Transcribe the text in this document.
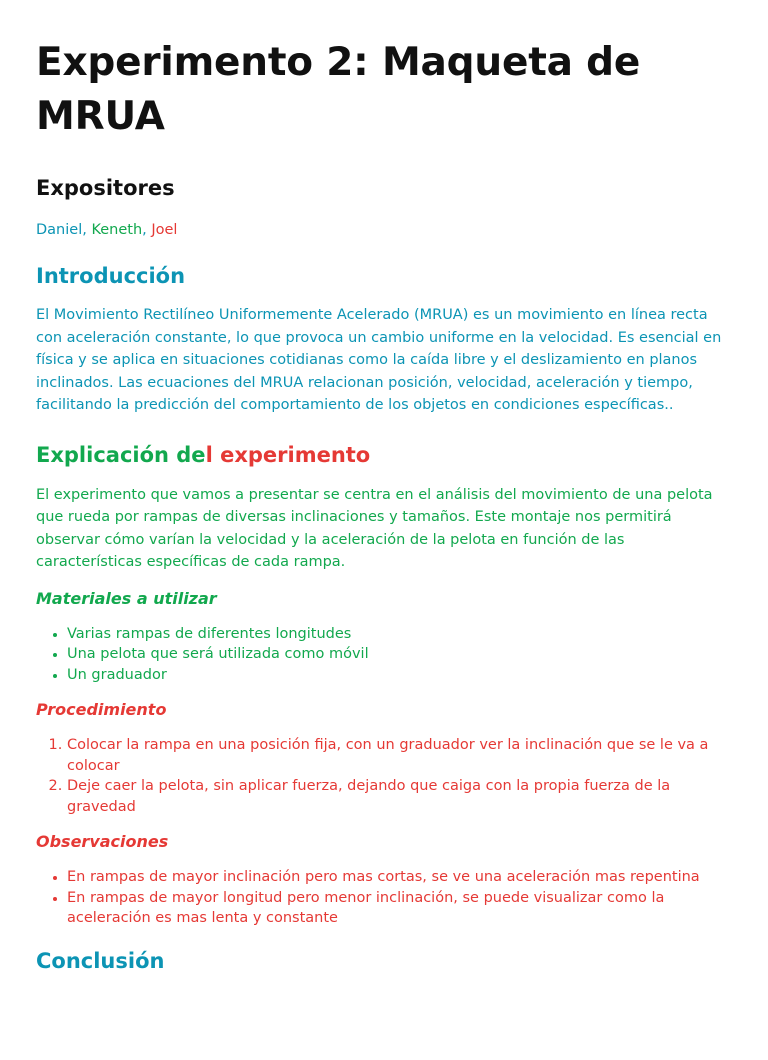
Experimento 2: Maqueta de MRUA
Expositores
Daniel, Keneth, Joel
Introducción

El Movimiento Rectilíneo Uniformemente Acelerado (MRUA) es un movimiento en línea recta con aceleración constante, lo que provoca un cambio uniforme en la velocidad. Es esencial en física y se aplica en situaciones cotidianas como la caída libre y el deslizamiento en planos inclinados. Las ecuaciones del MRUA relacionan posición, velocidad, aceleración y tiempo, facilitando la predicción del comportamiento de los objetos en condiciones específicas..

Explicación del experimento

El experimento que vamos a presentar se centra en el análisis del movimiento de una pelota que rueda por rampas de diversas inclinaciones y tamaños. Este montaje nos permitirá observar cómo varían la velocidad y la aceleración de la pelota en función de las características específicas de cada rampa.

Materiales a utilizar
• Varias rampas de diferentes longitudes
• Una pelota que será utilizada como móvil
• Un graduador
Procedimiento
1. Colocar la rampa en una posición fija, con un graduador ver la inclinación que se le va a colocar
2. Deje caer la pelota, sin aplicar fuerza, dejando que caiga con la propia fuerza de la gravedad
Observaciones
• En rampas de mayor inclinación pero mas cortas, se ve una aceleración mas repentina
• En rampas de mayor longitud pero menor inclinación, se puede visualizar como la aceleración es mas lenta y constante
Conclusión
